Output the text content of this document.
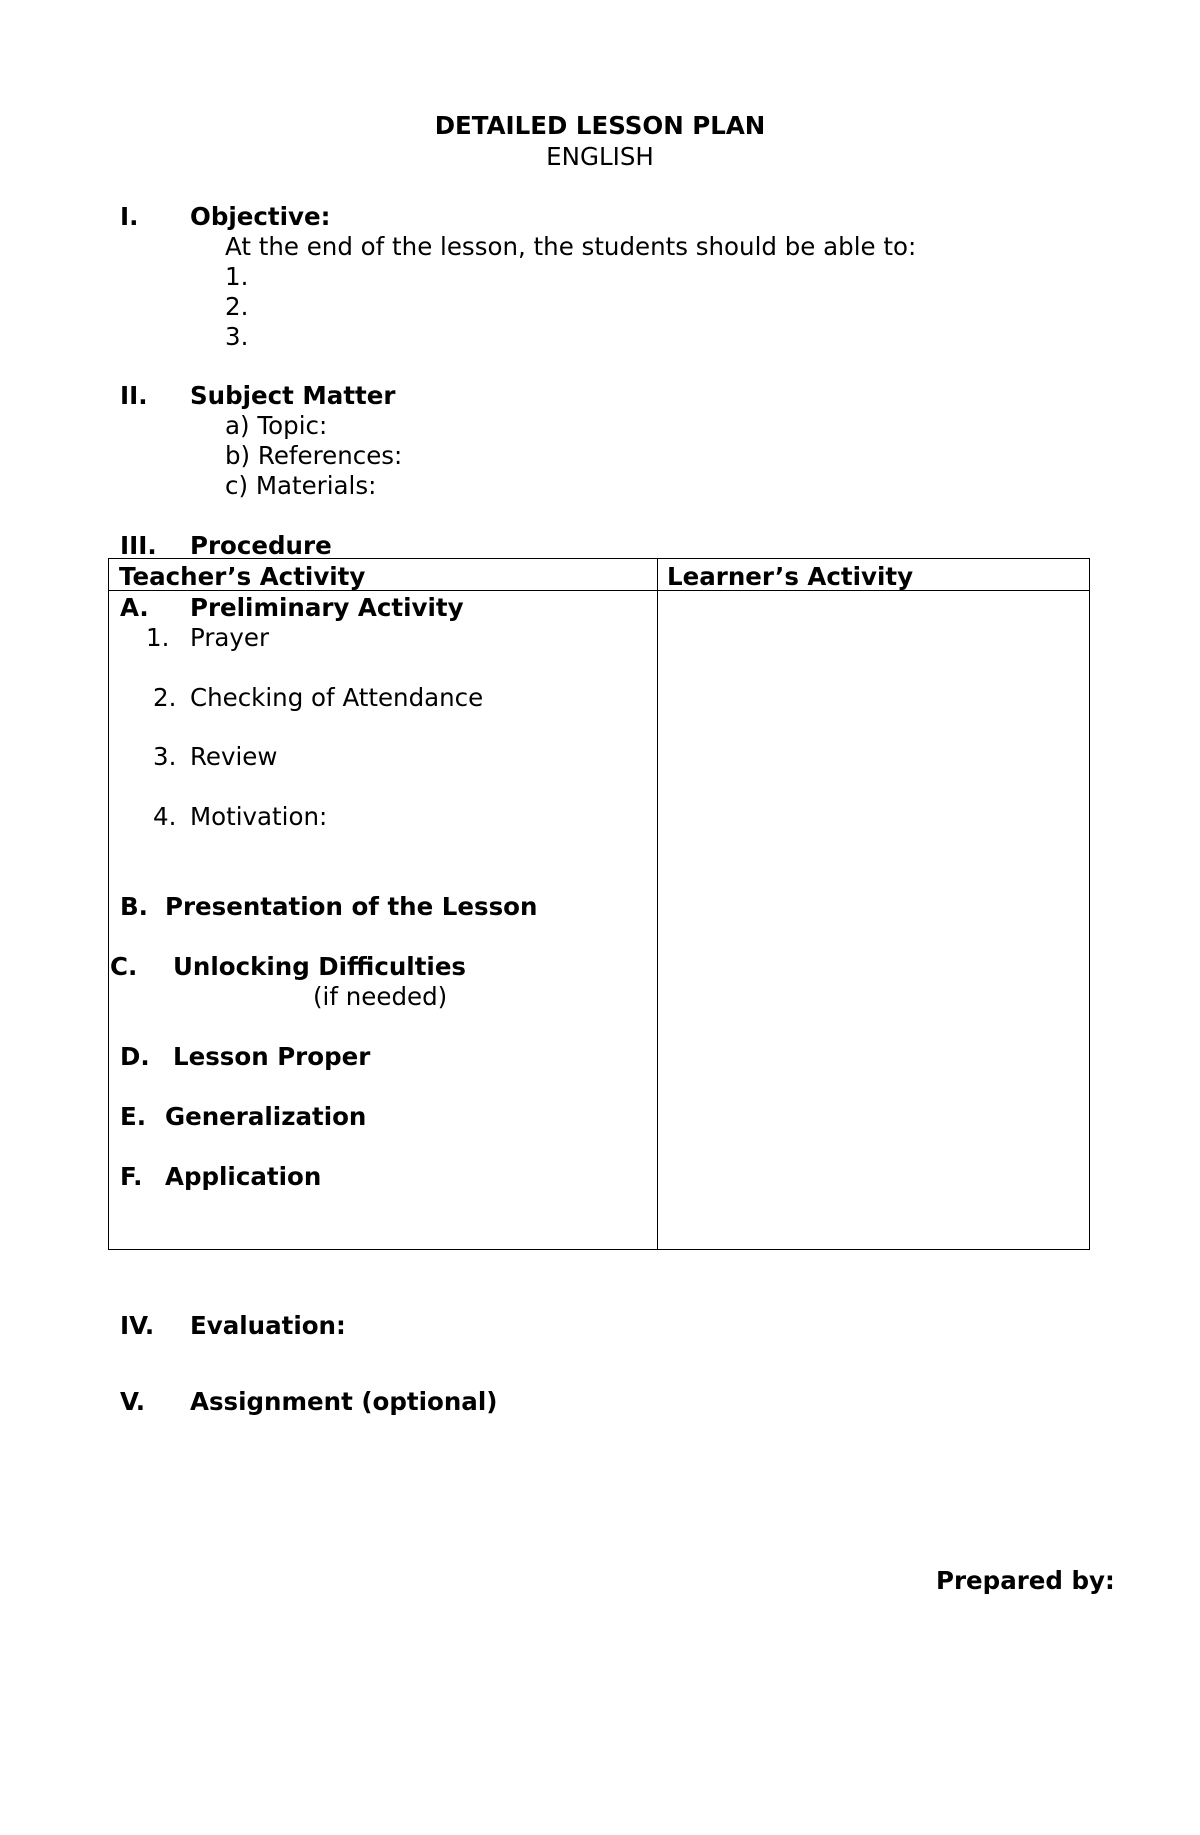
DETAILED LESSON PLAN
ENGLISH
I. Objective:
At the end of the lesson, the students should be able to:
1.
2.
3.
II. Subject Matter
a) Topic:
b) References:
c) Materials:
III. Procedure
Teacher’s Activity	Learner’s Activity
A. Preliminary Activity
1. Prayer
2. Checking of Attendance
3. Review
4. Motivation:
B. Presentation of the Lesson
C. Unlocking Difficulties
(if needed)
D. Lesson Proper
E. Generalization
F. Application
IV. Evaluation:
V. Assignment (optional)
Prepared by:
